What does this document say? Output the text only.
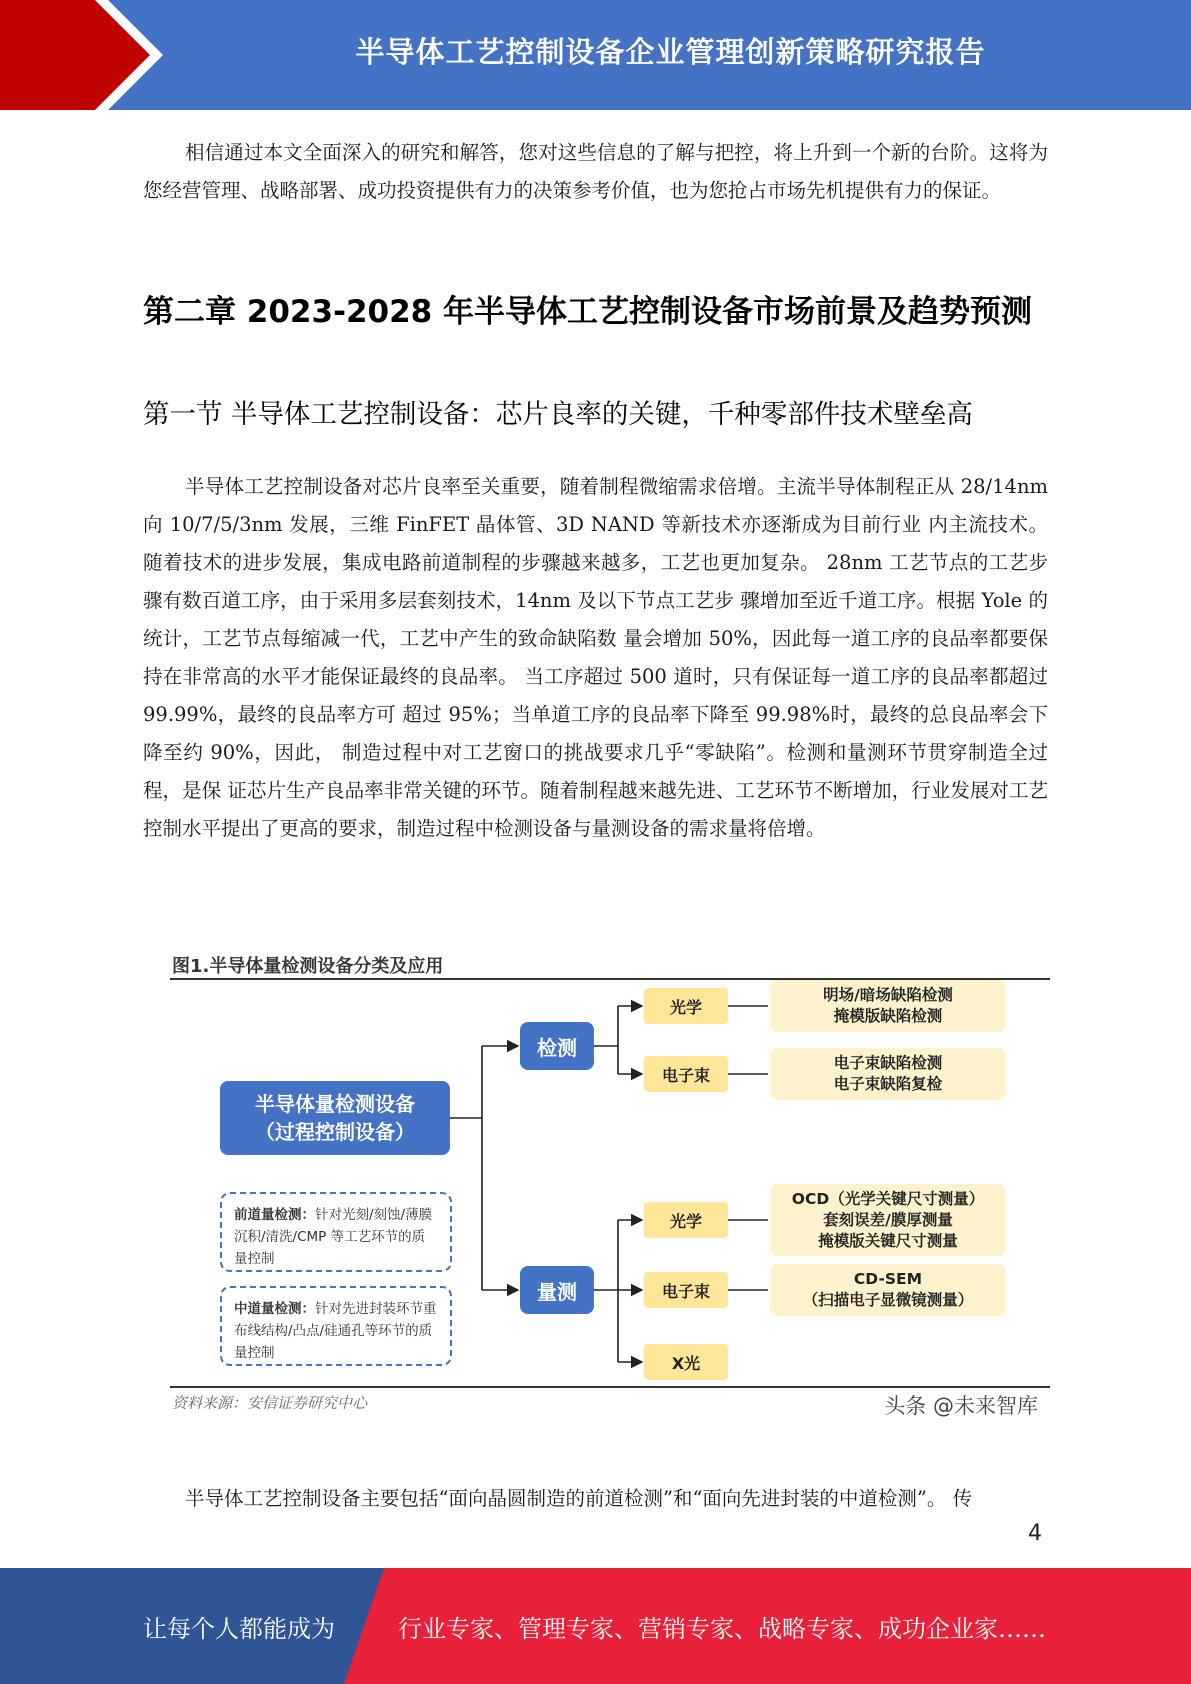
半导体工艺控制设备企业管理创新策略研究报告

相信通过本文全面深入的研究和解答，您对这些信息的了解与把控，将上升到一个新的台阶。这将为您经营管理、战略部署、成功投资提供有力的决策参考价值，也为您抢占市场先机提供有力的保证。

第二章 2023-2028 年半导体工艺控制设备市场前景及趋势预测
第一节 半导体工艺控制设备：芯片良率的关键，千种零部件技术壁垒高

半导体工艺控制设备对芯片良率至关重要，随着制程微缩需求倍增。主流半导体制程正从 28/14nm 向 10/7/5/3nm 发展，三维 FinFET 晶体管、3D NAND 等新技术亦逐渐成为目前行业 内主流技术。随着技术的进步发展，集成电路前道制程的步骤越来越多，工艺也更加复杂。 28nm 工艺节点的工艺步骤有数百道工序，由于采用多层套刻技术，14nm 及以下节点工艺步 骤增加至近千道工序。根据 Yole 的统计，工艺节点每缩减一代，工艺中产生的致命缺陷数 量会增加 50%，因此每一道工序的良品率都要保持在非常高的水平才能保证最终的良品率。 当工序超过 500 道时，只有保证每一道工序的良品率都超过 99.99%，最终的良品率方可 超过 95%；当单道工序的良品率下降至 99.98%时，最终的总良品率会下降至约 90%，因此， 制造过程中对工艺窗口的挑战要求几乎“零缺陷”。检测和量测环节贯穿制造全过程，是保 证芯片生产良品率非常关键的环节。随着制程越来越先进、工艺环节不断增加，行业发展对工艺控制水平提出了更高的要求，制造过程中检测设备与量测设备的需求量将倍增。

图1.半导体量检测设备分类及应用
半导体量检测设备
（过程控制设备）
前道量检测：针对光刻/刻蚀/薄膜沉积/清洗/CMP 等工艺环节的质量控制
中道量检测：针对先进封装环节重布线结构/凸点/硅通孔等环节的质量控制
检测
量测
光学
电子束
光学
电子束
X光
明场/暗场缺陷检测
掩模版缺陷检测
电子束缺陷检测
电子束缺陷复检
OCD（光学关键尺寸测量）
套刻误差/膜厚测量
掩模版关键尺寸测量
CD-SEM
（扫描电子显微镜测量）
资料来源：安信证券研究中心	头条 @未来智库

半导体工艺控制设备主要包括“面向晶圆制造的前道检测”和“面向先进封装的中道检测”。 传

4
让每个人都能成为	行业专家、管理专家、营销专家、战略专家、成功企业家……
